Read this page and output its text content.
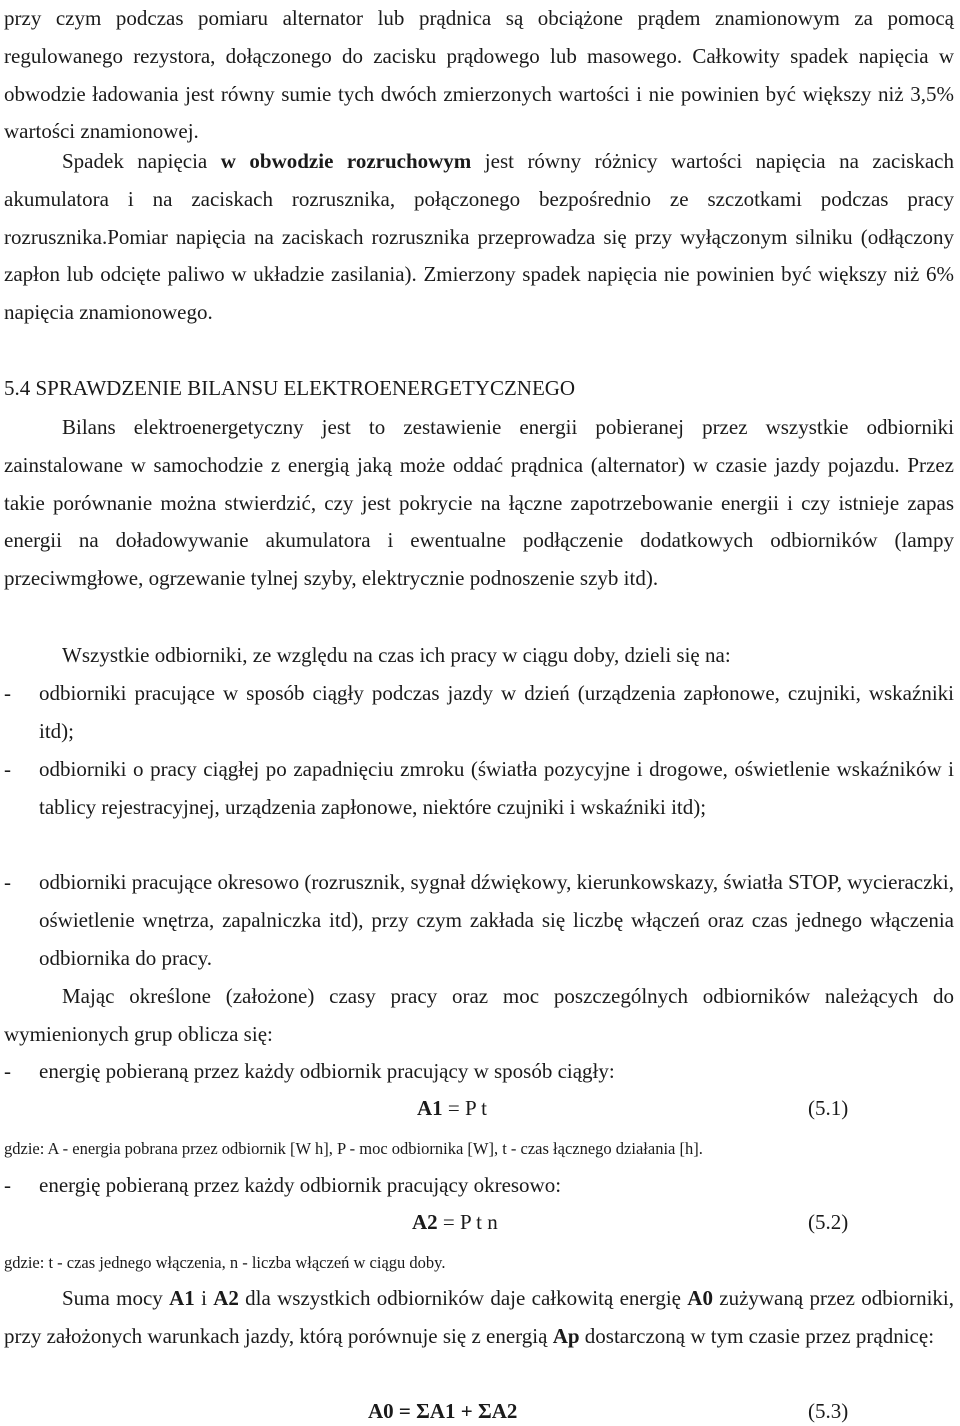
przy czym podczas pomiaru alternator lub prądnica są obciążone prądem znamionowym za pomocą regulowanego rezystora, dołączonego do zacisku prądowego lub masowego. Całkowity spadek napięcia w obwodzie ładowania jest równy sumie tych dwóch zmierzonych wartości i nie powinien być większy niż 3,5% wartości znamionowej.

Spadek napięcia w obwodzie rozruchowym jest równy różnicy wartości napięcia na zaciskach akumulatora i na zaciskach rozrusznika, połączonego bezpośrednio ze szczotkami podczas pracy rozrusznika.Pomiar napięcia na zaciskach rozrusznika przeprowadza się przy wyłączonym silniku (odłączony zapłon lub odcięte paliwo w układzie zasilania). Zmierzony spadek napięcia nie powinien być większy niż 6% napięcia znamionowego.

5.4 SPRAWDZENIE BILANSU ELEKTROENERGETYCZNEGO

Bilans elektroenergetyczny jest to zestawienie energii pobieranej przez wszystkie odbiorniki zainstalowane w samochodzie z energią jaką może oddać prądnica (alternator) w czasie jazdy pojazdu. Przez takie porównanie można stwierdzić, czy jest pokrycie na łączne zapotrzebowanie energii i czy istnieje zapas energii na doładowywanie akumulatora i ewentualne podłączenie dodatkowych odbiorników (lampy przeciwmgłowe, ogrzewanie tylnej szyby, elektrycznie podnoszenie szyb itd).

Wszystkie odbiorniki, ze względu na czas ich pracy w ciągu doby, dzieli się na:

- odbiorniki pracujące w sposób ciągły podczas jazdy w dzień (urządzenia zapłonowe, czujniki, wskaźniki itd);
- odbiorniki o pracy ciągłej po zapadnięciu zmroku (światła pozycyjne i drogowe, oświetlenie wskaźników i tablicy rejestracyjnej, urządzenia zapłonowe, niektóre czujniki i wskaźniki itd);
- odbiorniki pracujące okresowo (rozrusznik, sygnał dźwiękowy, kierunkowskazy, światła STOP, wycieraczki, oświetlenie wnętrza, zapalniczka itd), przy czym zakłada się liczbę włączeń oraz czas jednego włączenia odbiornika do pracy.

Mając określone (założone) czasy pracy oraz moc poszczególnych odbiorników należących do wymienionych grup oblicza się:

- energię pobieraną przez każdy odbiornik pracujący w sposób ciągły:

A1 = P t	(5.1)

gdzie: A - energia pobrana przez odbiornik [W h], P - moc odbiornika [W], t - czas łącznego działania [h].

- energię pobieraną przez każdy odbiornik pracujący okresowo:

A2 = P t n	(5.2)

gdzie: t - czas jednego włączenia, n - liczba włączeń w ciągu doby.

Suma mocy A1 i A2 dla wszystkich odbiorników daje całkowitą energię A0 zużywaną przez odbiorniki, przy założonych warunkach jazdy, którą porównuje się z energią Ap dostarczoną w tym czasie przez prądnicę:

A0 = ΣA1 + ΣA2	(5.3)
